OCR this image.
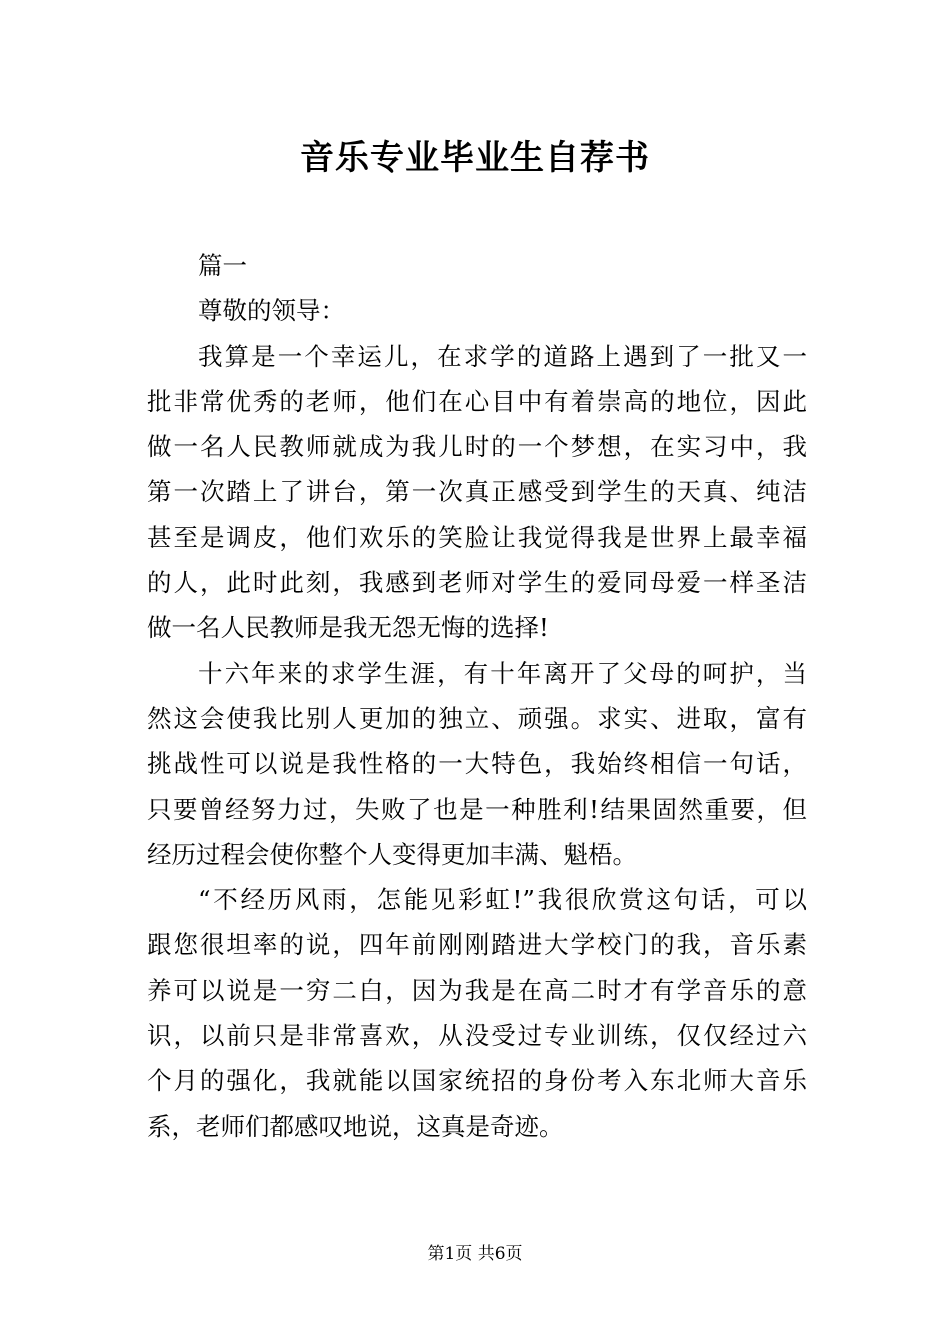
音乐专业毕业生自荐书
篇一
尊敬的领导：
我算是一个幸运儿，在求学的道路上遇到了一批又一
批非常优秀的老师，他们在心目中有着崇高的地位，因此
做一名人民教师就成为我儿时的一个梦想，在实习中，我
第一次踏上了讲台，第一次真正感受到学生的天真、纯洁
甚至是调皮，他们欢乐的笑脸让我觉得我是世界上最幸福
的人，此时此刻，我感到老师对学生的爱同母爱一样圣洁
做一名人民教师是我无怨无悔的选择!
十六年来的求学生涯，有十年离开了父母的呵护，当
然这会使我比别人更加的独立、顽强。求实、进取，富有
挑战性可以说是我性格的一大特色，我始终相信一句话，
只要曾经努力过，失败了也是一种胜利!结果固然重要，但
经历过程会使你整个人变得更加丰满、魁梧。
“不经历风雨，怎能见彩虹!”我很欣赏这句话，可以
跟您很坦率的说，四年前刚刚踏进大学校门的我，音乐素
养可以说是一穷二白，因为我是在高二时才有学音乐的意
识，以前只是非常喜欢，从没受过专业训练，仅仅经过六
个月的强化，我就能以国家统招的身份考入东北师大音乐
系，老师们都感叹地说，这真是奇迹。
第1页 共6页
